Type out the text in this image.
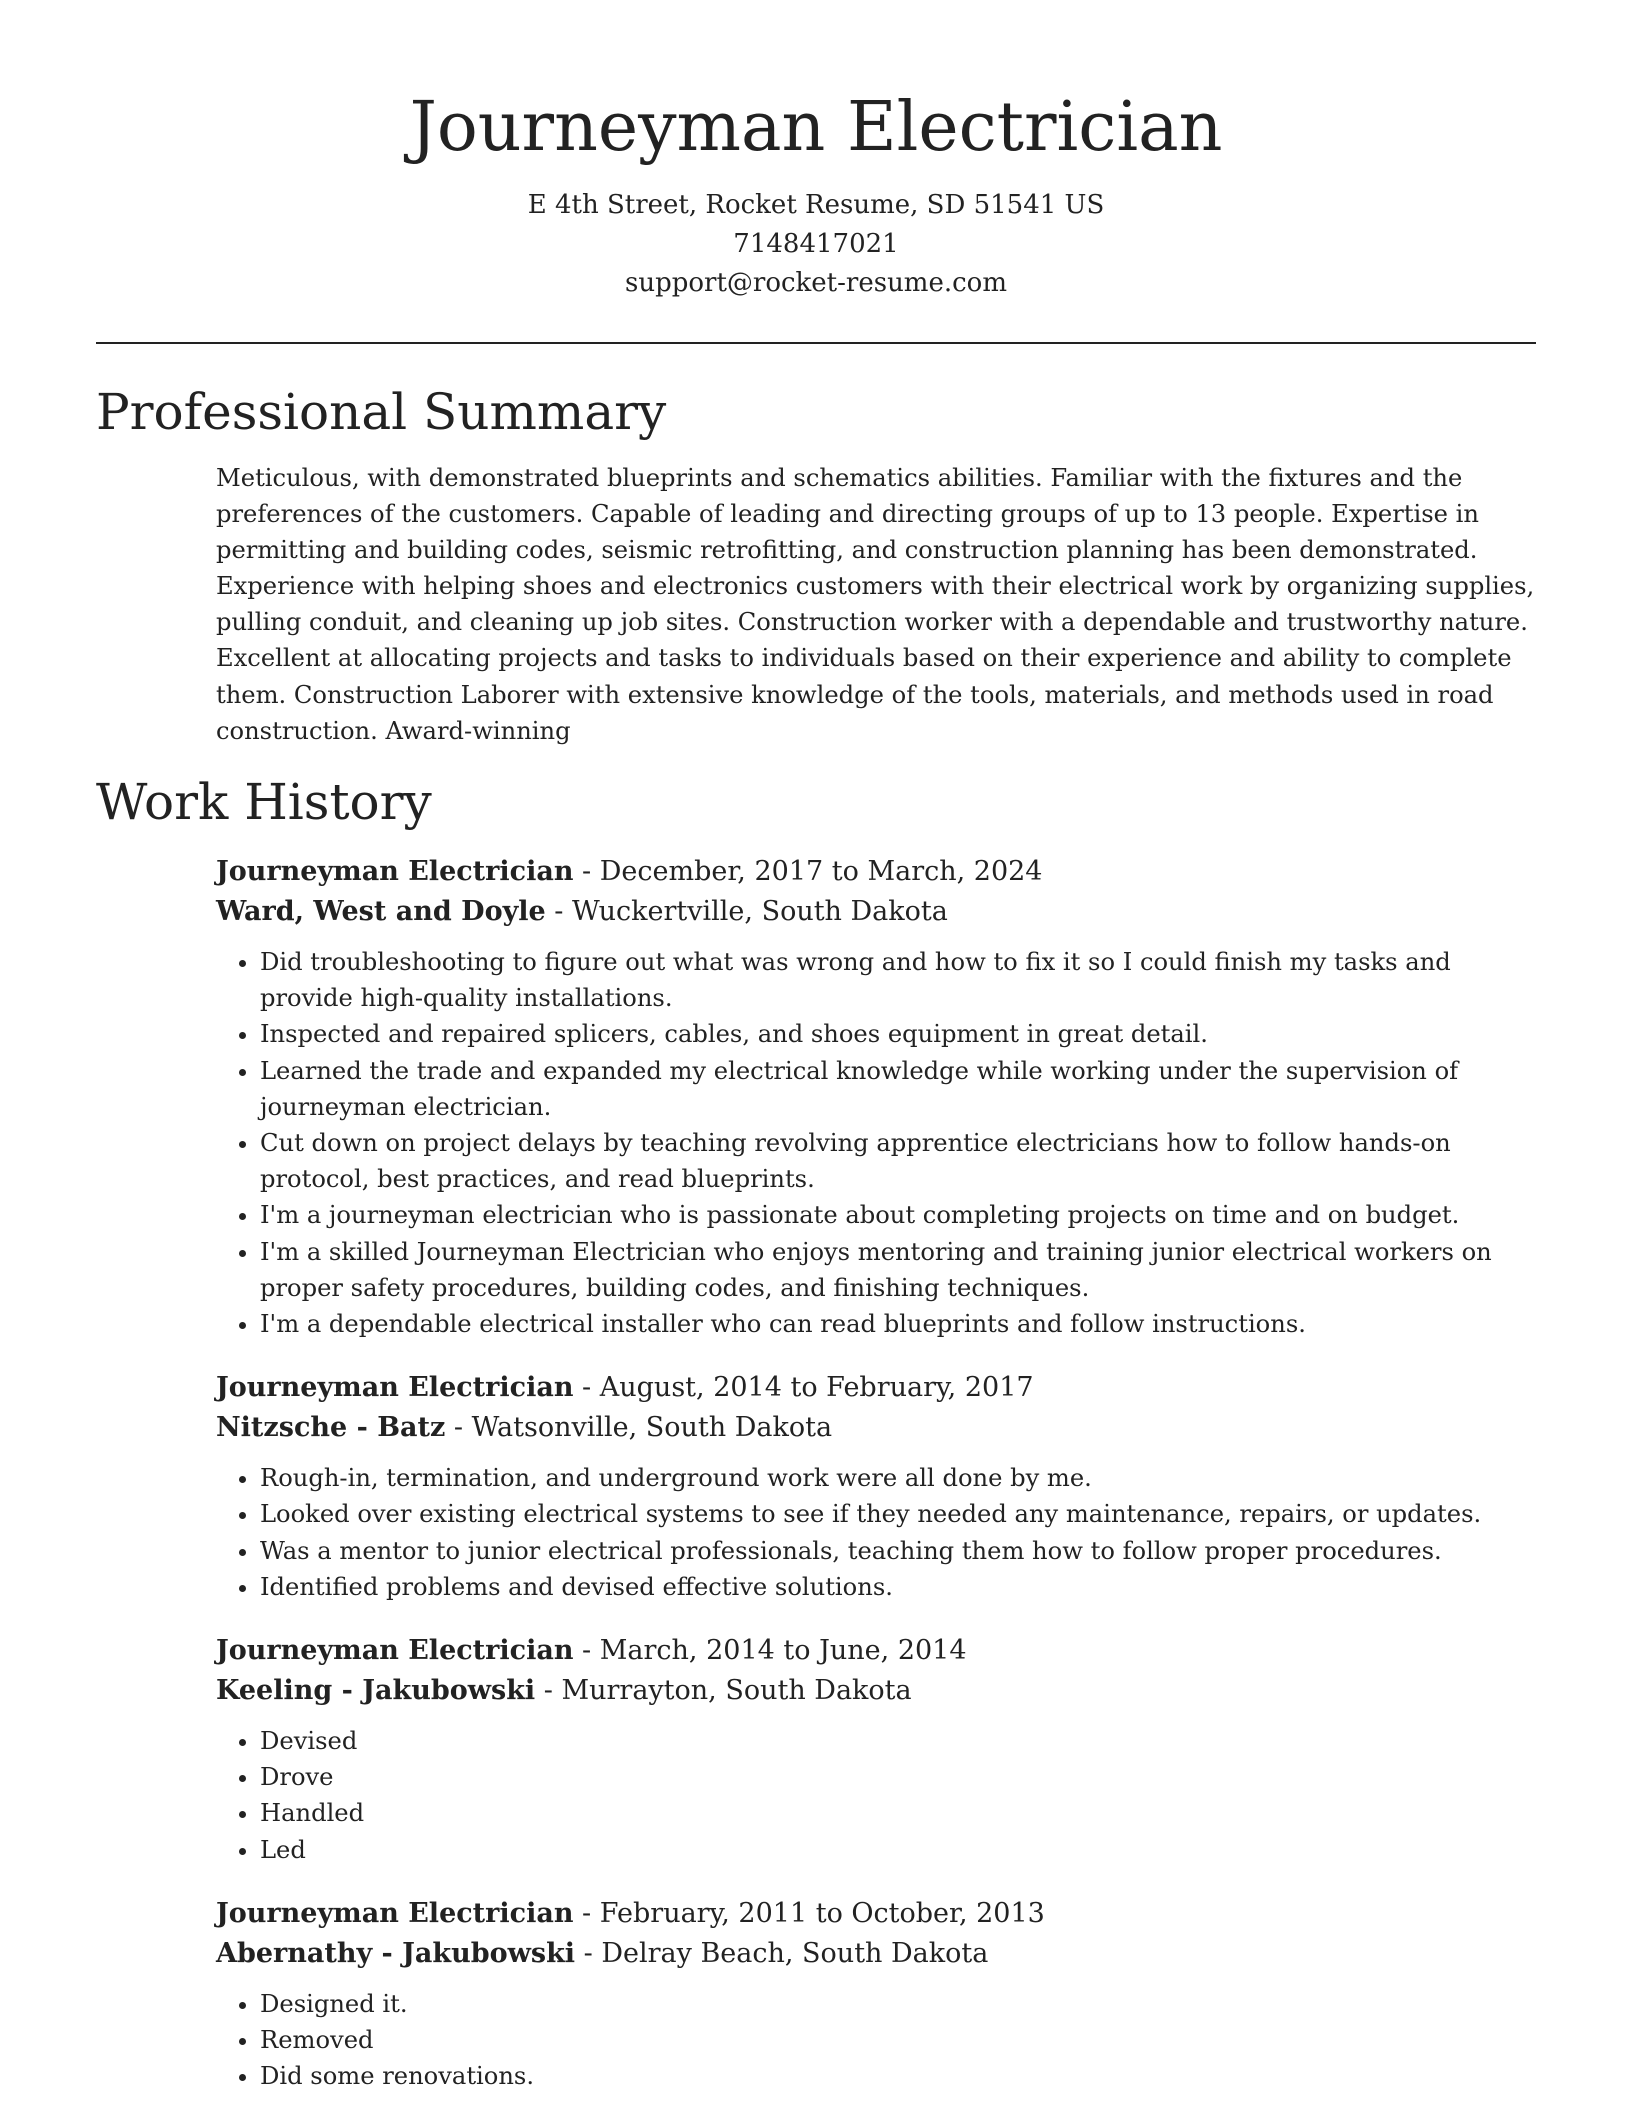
Journeyman Electrician
E 4th Street, Rocket Resume, SD 51541 US
7148417021
support@rocket-resume.com
Professional Summary
Meticulous, with demonstrated blueprints and schematics abilities. Familiar with the fixtures and the preferences of the customers. Capable of leading and directing groups of up to 13 people. Expertise in permitting and building codes, seismic retrofitting, and construction planning has been demonstrated. Experience with helping shoes and electronics customers with their electrical work by organizing supplies, pulling conduit, and cleaning up job sites. Construction worker with a dependable and trustworthy nature. Excellent at allocating projects and tasks to individuals based on their experience and ability to complete them. Construction Laborer with extensive knowledge of the tools, materials, and methods used in road construction. Award-winning
Work History
Journeyman Electrician - December, 2017 to March, 2024
Ward, West and Doyle - Wuckertville, South Dakota
• Did troubleshooting to figure out what was wrong and how to fix it so I could finish my tasks and provide high-quality installations.
• Inspected and repaired splicers, cables, and shoes equipment in great detail.
• Learned the trade and expanded my electrical knowledge while working under the supervision of journeyman electrician.
• Cut down on project delays by teaching revolving apprentice electricians how to follow hands-on protocol, best practices, and read blueprints.
• I'm a journeyman electrician who is passionate about completing projects on time and on budget.
• I'm a skilled Journeyman Electrician who enjoys mentoring and training junior electrical workers on proper safety procedures, building codes, and finishing techniques.
• I'm a dependable electrical installer who can read blueprints and follow instructions.
Journeyman Electrician - August, 2014 to February, 2017
Nitzsche - Batz - Watsonville, South Dakota
• Rough-in, termination, and underground work were all done by me.
• Looked over existing electrical systems to see if they needed any maintenance, repairs, or updates.
• Was a mentor to junior electrical professionals, teaching them how to follow proper procedures.
• Identified problems and devised effective solutions.
Journeyman Electrician - March, 2014 to June, 2014
Keeling - Jakubowski - Murrayton, South Dakota
• Devised
• Drove
• Handled
• Led
Journeyman Electrician - February, 2011 to October, 2013
Abernathy - Jakubowski - Delray Beach, South Dakota
• Designed it.
• Removed
• Did some renovations.
